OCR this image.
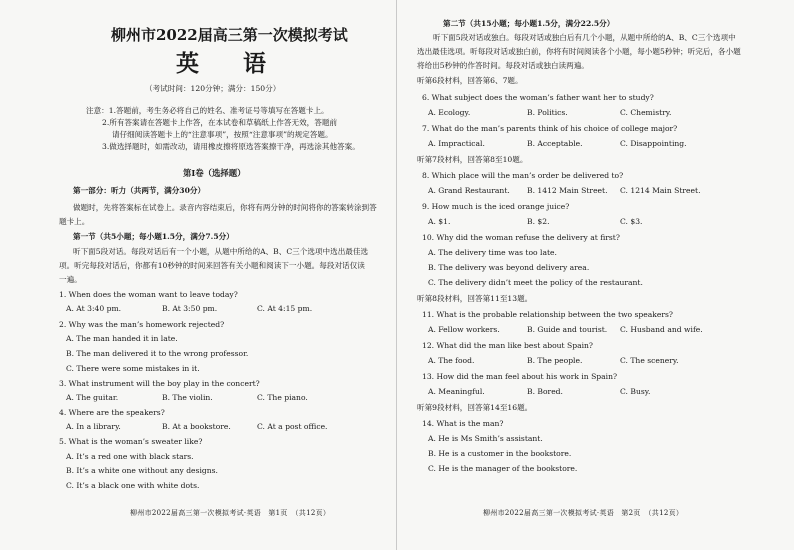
柳州市2022届高三第一次模拟考试
英 语
（考试时间：120分钟；满分：150分）
注意：1.答题前，考生务必将自己的姓名、准考证号等填写在答题卡上。
2.所有答案请在答题卡上作答，在本试卷和草稿纸上作答无效，答题前
请仔细阅读答题卡上的“注意事项”，按照“注意事项”的规定答题。
3.做选择题时，如需改动，请用橡皮擦将原选答案擦干净，再选涂其他答案。
第Ⅰ卷（选择题）
第一部分：听力（共两节，满分30分）
做题时，先将答案标在试卷上。录音内容结束后，你将有两分钟的时间将你的答案转涂到答
题卡上。
第一节（共5小题；每小题1.5分，满分7.5分）
听下面5段对话。每段对话后有一个小题，从题中所给的A、B、C三个选项中选出最佳选
项。听完每段对话后，你都有10秒钟的时间来回答有关小题和阅读下一小题。每段对话仅读
一遍。
1. When does the woman want to leave today?
A. At 3:40 pm.	B. At 3:50 pm.	C. At 4:15 pm.
2. Why was the man’s homework rejected?
A. The man handed it in late.
B. The man delivered it to the wrong professor.
C. There were some mistakes in it.
3. What instrument will the boy play in the concert?
A. The guitar.	B. The violin.	C. The piano.
4. Where are the speakers?
A. In a library.	B. At a bookstore.	C. At a post office.
5. What is the woman’s sweater like?
A. It’s a red one with black stars.
B. It’s a white one without any designs.
C. It’s a black one with white dots.
柳州市2022届高三第一次模拟考试·英语　第1页　（共12页）
第二节（共15小题；每小题1.5分，满分22.5分）
听下面5段对话或独白。每段对话或独白后有几个小题，从题中所给的A、B、C三个选项中
选出最佳选项。听每段对话或独白前，你将有时间阅读各个小题，每小题5秒钟；听完后，各小题
将给出5秒钟的作答时间。每段对话或独白读两遍。
听第6段材料，回答第6、7题。
6. What subject does the woman’s father want her to study?
A. Ecology.	B. Politics.	C. Chemistry.
7. What do the man’s parents think of his choice of college major?
A. Impractical.	B. Acceptable.	C. Disappointing.
听第7段材料，回答第8至10题。
8. Which place will the man’s order be delivered to?
A. Grand Restaurant. B. 1412 Main Street. C. 1214 Main Street.
9. How much is the iced orange juice?
A. $1.	B. $2.	C. $3.
10. Why did the woman refuse the delivery at first?
A. The delivery time was too late.
B. The delivery was beyond delivery area.
C. The delivery didn’t meet the policy of the restaurant.
听第8段材料，回答第11至13题。
11. What is the probable relationship between the two speakers?
A. Fellow workers.	B. Guide and tourist. C. Husband and wife.
12. What did the man like best about Spain?
A. The food.	B. The people.	C. The scenery.
13. How did the man feel about his work in Spain?
A. Meaningful.	B. Bored.	C. Busy.
听第9段材料，回答第14至16题。
14. What is the man?
A. He is Ms Smith’s assistant.
B. He is a customer in the bookstore.
C. He is the manager of the bookstore.
柳州市2022届高三第一次模拟考试·英语　第2页　（共12页）
